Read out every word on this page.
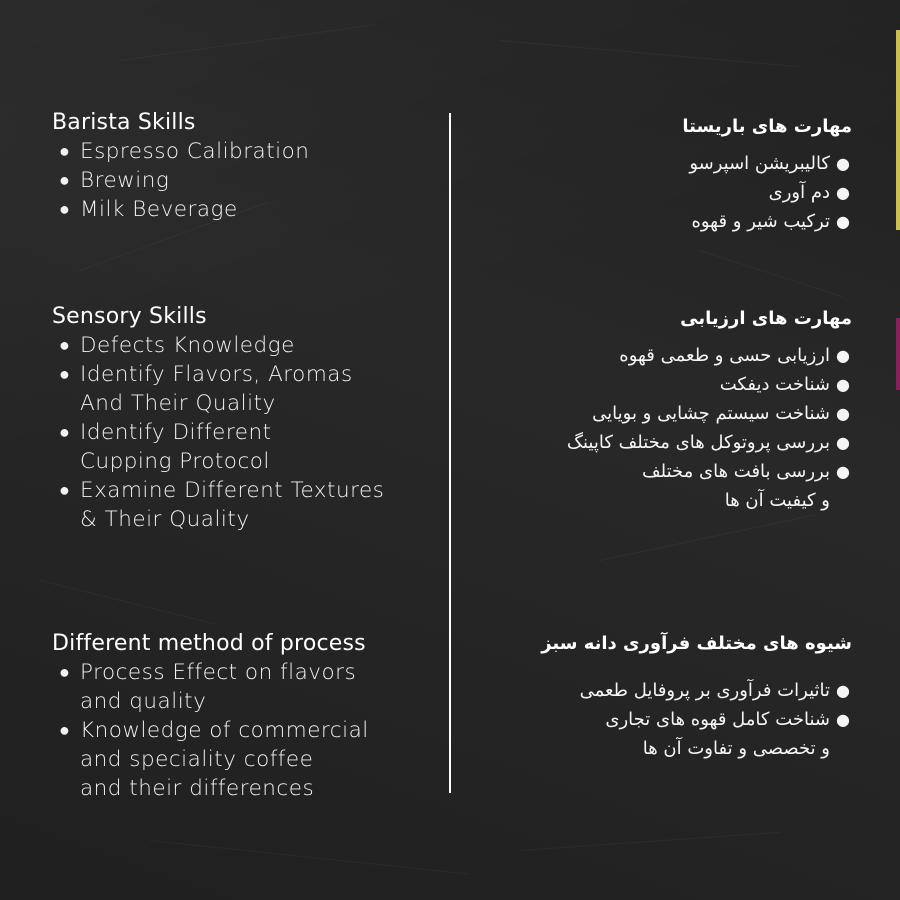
Barista Skills
● Espresso Calibration
● Brewing
● Milk Beverage
Sensory Skills
● Defects Knowledge
● Identify Flavors, Aromas
And Their Quality
● Identify Different
Cupping Protocol
● Examine Different Textures
& Their Quality
Different method of process
● Process Effect on flavors
and quality
● Knowledge of commercial
and speciality coffee
and their differences
مهارت های باریستا
●
کالیبریشن اسپرسو
●
دم آوری
●
ترکیب شیر و قهوه
مهارت های ارزیابی
●
ارزیابی حسی و طعمی قهوه
●
شناخت دیفکت
●
شناخت سیستم چشایی و بویایی
●
بررسی پروتوکل های مختلف کاپینگ
●
بررسی بافت های مختلف
و کیفیت آن ها
شیوه های مختلف فرآوری دانه سبز
●
تاثیرات فرآوری بر پروفایل طعمی
●
شناخت کامل قهوه های تجاری
و تخصصی و تفاوت آن ها
